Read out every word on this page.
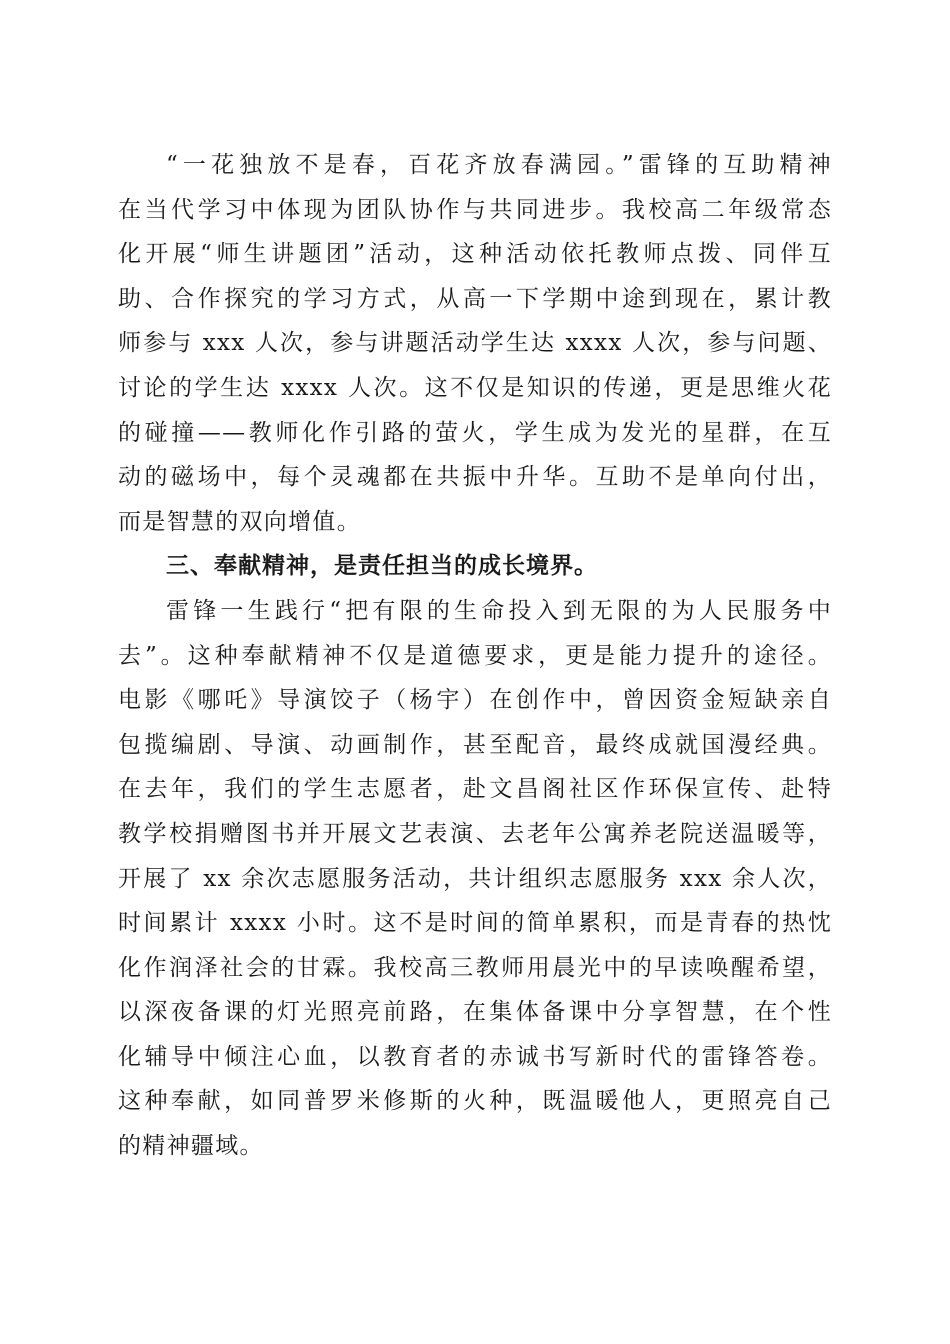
“一花独放不是春，百花齐放春满园。”雷锋的互助精神
在当代学习中体现为团队协作与共同进步。我校高二年级常态
化开展“师生讲题团”活动，这种活动依托教师点拨、同伴互
助、合作探究的学习方式，从高一下学期中途到现在，累计教
师参与 xxx 人次，参与讲题活动学生达 xxxx 人次，参与问题、
讨论的学生达 xxxx 人次。这不仅是知识的传递，更是思维火花
的碰撞——教师化作引路的萤火，学生成为发光的星群，在互
动的磁场中，每个灵魂都在共振中升华。互助不是单向付出，
而是智慧的双向增值。
三、奉献精神，是责任担当的成长境界。
雷锋一生践行“把有限的生命投入到无限的为人民服务中
去”。这种奉献精神不仅是道德要求，更是能力提升的途径。
电影《哪吒》导演饺子（杨宇）在创作中，曾因资金短缺亲自
包揽编剧、导演、动画制作，甚至配音，最终成就国漫经典。
在去年，我们的学生志愿者，赴文昌阁社区作环保宣传、赴特
教学校捐赠图书并开展文艺表演、去老年公寓养老院送温暖等，
开展了 xx 余次志愿服务活动，共计组织志愿服务 xxx 余人次，
时间累计 xxxx 小时。这不是时间的简单累积，而是青春的热忱
化作润泽社会的甘霖。我校高三教师用晨光中的早读唤醒希望，
以深夜备课的灯光照亮前路，在集体备课中分享智慧，在个性
化辅导中倾注心血，以教育者的赤诚书写新时代的雷锋答卷。
这种奉献，如同普罗米修斯的火种，既温暖他人，更照亮自己
的精神疆域。
